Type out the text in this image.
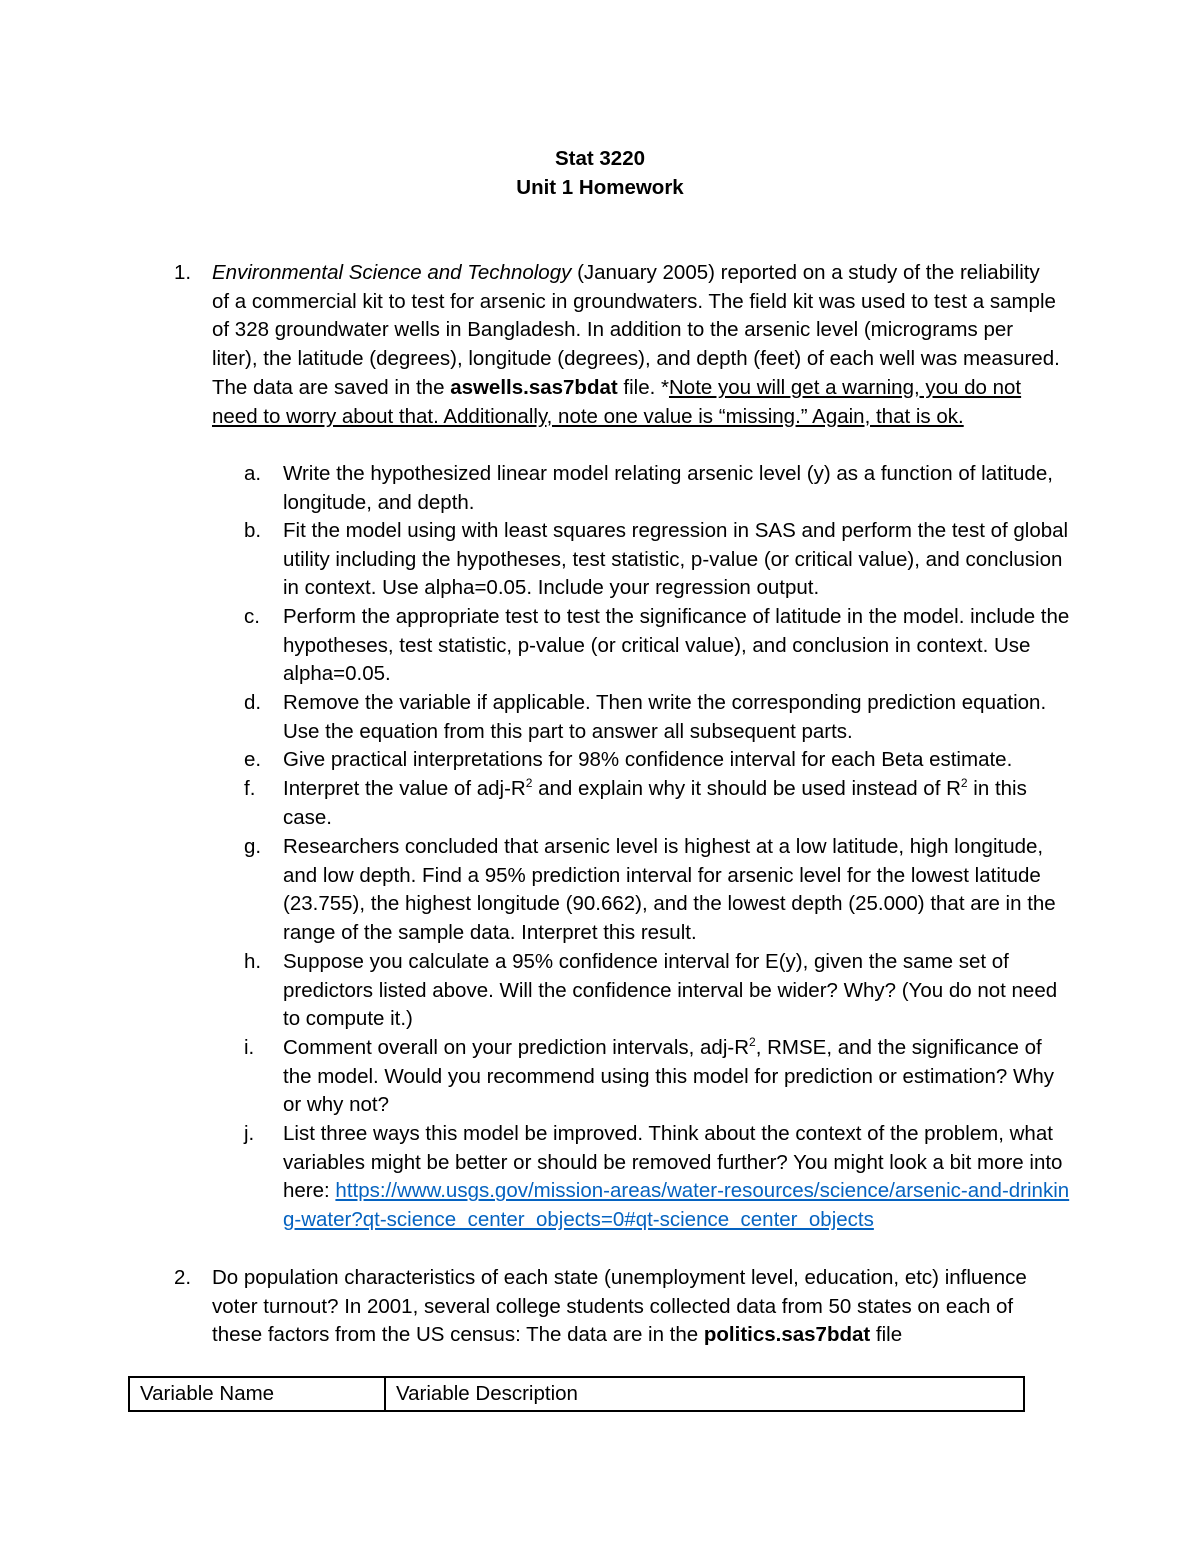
Stat 3220
Unit 1 Homework
1. Environmental Science and Technology (January 2005) reported on a study of the reliability of a commercial kit to test for arsenic in groundwaters. The field kit was used to test a sample of 328 groundwater wells in Bangladesh. In addition to the arsenic level (micrograms per liter), the latitude (degrees), longitude (degrees), and depth (feet) of each well was measured. The data are saved in the aswells.sas7bdat file. *Note you will get a warning, you do not need to worry about that. Additionally, note one value is “missing.” Again, that is ok.
a. Write the hypothesized linear model relating arsenic level (y) as a function of latitude, longitude, and depth.
b. Fit the model using with least squares regression in SAS and perform the test of global utility including the hypotheses, test statistic, p-value (or critical value), and conclusion in context. Use alpha=0.05. Include your regression output.
c. Perform the appropriate test to test the significance of latitude in the model. include the hypotheses, test statistic, p-value (or critical value), and conclusion in context. Use alpha=0.05.
d. Remove the variable if applicable. Then write the corresponding prediction equation. Use the equation from this part to answer all subsequent parts.
e. Give practical interpretations for 98% confidence interval for each Beta estimate.
f. Interpret the value of adj-$R^2$ and explain why it should be used instead of $R^2$ in this case.
g. Researchers concluded that arsenic level is highest at a low latitude, high longitude, and low depth. Find a 95% prediction interval for arsenic level for the lowest latitude (23.755), the highest longitude (90.662), and the lowest depth (25.000) that are in the range of the sample data. Interpret this result.
h. Suppose you calculate a 95% confidence interval for E(y), given the same set of predictors listed above. Will the confidence interval be wider? Why? (You do not need to compute it.)
i. Comment overall on your prediction intervals, adj-$R^2$, RMSE, and the significance of the model. Would you recommend using this model for prediction or estimation? Why or why not?
j. List three ways this model be improved. Think about the context of the problem, what variables might be better or should be removed further? You might look a bit more into here: https://www.usgs.gov/mission-areas/water-resources/science/arsenic-and-drinking-water?qt-science_center_objects=0#qt-science_center_objects
2. Do population characteristics of each state (unemployment level, education, etc) influence voter turnout? In 2001, several college students collected data from 50 states on each of these factors from the US census: The data are in the politics.sas7bdat file
Variable Name	Variable Description
